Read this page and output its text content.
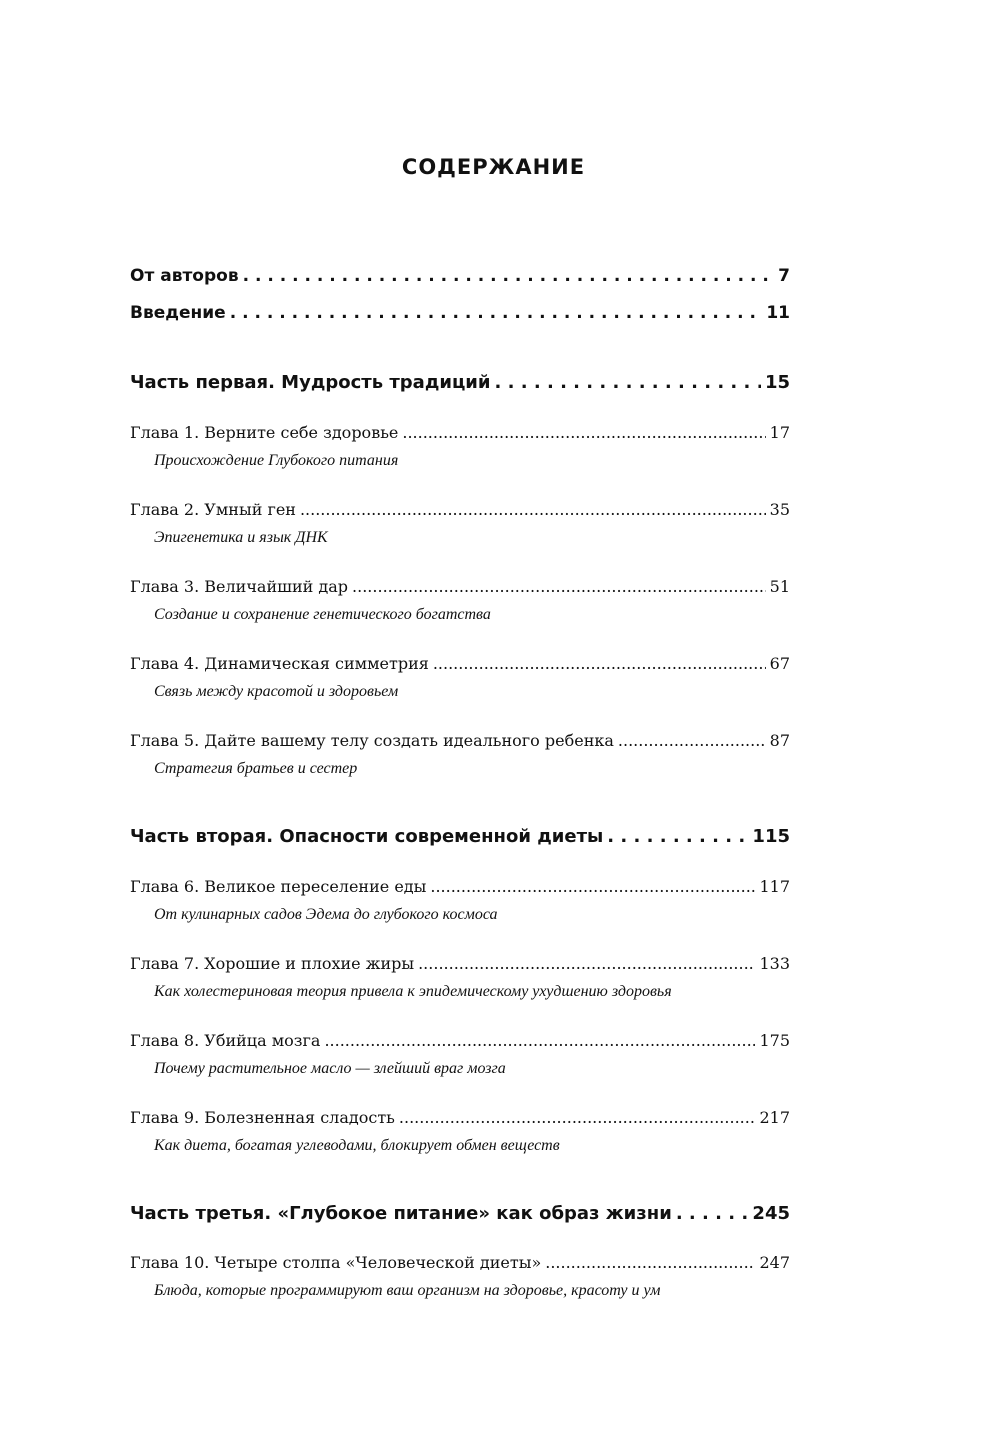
СОДЕРЖАНИЕ
От авторов . . .	7
Введение . . .	11
Часть первая. Мудрость традиций . . .	15
Глава 1. Верните себе здоровье .....	17
Происхождение Глубокого питания
Глава 2. Умный ген .....	35
Эпигенетика и язык ДНК
Глава 3. Величайший дар .....	51
Создание и сохранение генетического богатства
Глава 4. Динамическая симметрия .....	67
Связь между красотой и здоровьем
Глава 5. Дайте вашему телу создать идеального ребенка .....	87
Стратегия братьев и сестер
Часть вторая. Опасности современной диеты . . .	115
Глава 6. Великое переселение еды .....	117
От кулинарных садов Эдема до глубокого космоса
Глава 7. Хорошие и плохие жиры .....	133
Как холестериновая теория привела к эпидемическому ухудшению здоровья
Глава 8. Убийца мозга .....	175
Почему растительное масло — злейший враг мозга
Глава 9. Болезненная сладость .....	217
Как диета, богатая углеводами, блокирует обмен веществ
Часть третья. «Глубокое питание» как образ жизни . . .	245
Глава 10. Четыре столпа «Человеческой диеты» .....	247
Блюда, которые программируют ваш организм на здоровье, красоту и ум
